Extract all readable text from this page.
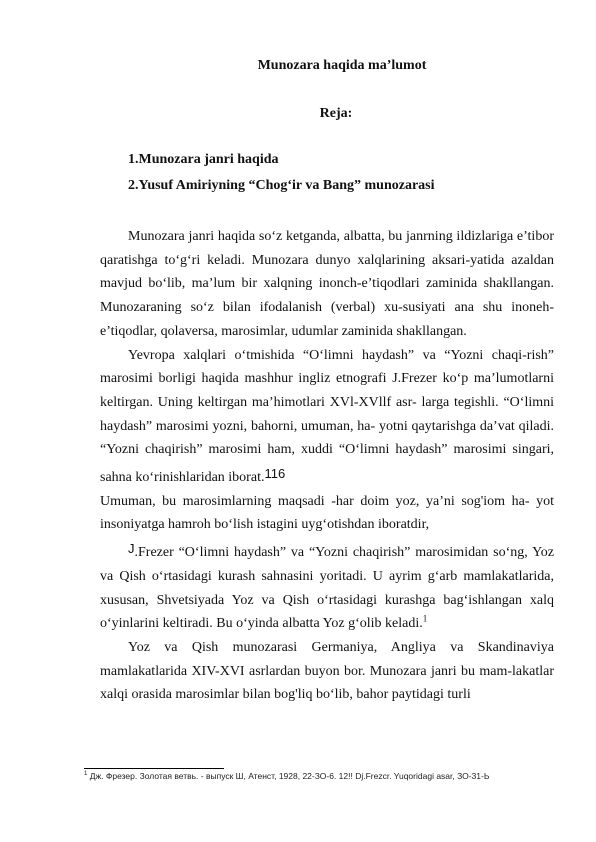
Munozara haqida ma’lumot
Reja:
1.Munozara janri haqida
2.Yusuf Amiriyning “Chog‘ir va Bang” munozarasi

Munozara janri haqida so‘z ketganda, albatta, bu janrning ildizlariga e’tibor qaratishga to‘g‘ri keladi. Munozara dunyo xalqlarining aksari-yatida azaldan mavjud bo‘lib, ma’lum bir xalqning inonch-e’tiqodlari zaminida shakllangan. Munozaraning so‘z bilan ifodalanish (verbal) xu-susiyati ana shu inoneh-e’tiqodlar, qolaversa, marosimlar, udumlar zaminida shakllangan.

Yevropa xalqlari o‘tmishida “O‘limni haydash” va “Yozni chaqi-rish” marosimi borligi haqida mashhur ingliz etnografi J.Frezer ko‘p ma’lumotlarni keltirgan. Uning keltirgan ma’himotlari XVl-XVllf asr- larga tegishli. “O‘limni haydash” marosimi yozni, bahorni, umuman, ha- yotni qaytarishga da’vat qiladi. “Yozni chaqirish” marosimi ham, xuddi “O‘limni haydash” marosimi singari, sahna ko‘rinishlaridan iborat.116

Umuman, bu marosimlarning maqsadi -har doim yoz, ya’ni sog'iom ha- yot insoniyatga hamroh bo‘lish istagini uyg‘otishdan iboratdir,

J.Frezer “O‘limni haydash” va “Yozni chaqirish” marosimidan so‘ng, Yoz va Qish o‘rtasidagi kurash sahnasini yoritadi. U ayrim g‘arb mamlakatlarida, xususan, Shvetsiyada Yoz va Qish o‘rtasidagi kurashga bag‘ishlangan xalq o‘yinlarini keltiradi. Bu o‘yinda albatta Yoz g‘olib keladi.$^1$

Yoz va Qish munozarasi Germaniya, Angliya va Skandinaviya mamlakatlarida XIV-XVI asrlardan buyon bor. Munozara janri bu mam-lakatlar xalqi orasida marosimlar bilan bog'liq bo‘lib, bahor paytidagi turli

$^1$ Дж. Фрезер. Золотая ветвь. - выпуск Ш, Атенст, 1928, 22-ЗО-6. 12!! Dj.Frezcr. Yuqoridagi asar, ЗО-31-Ь
